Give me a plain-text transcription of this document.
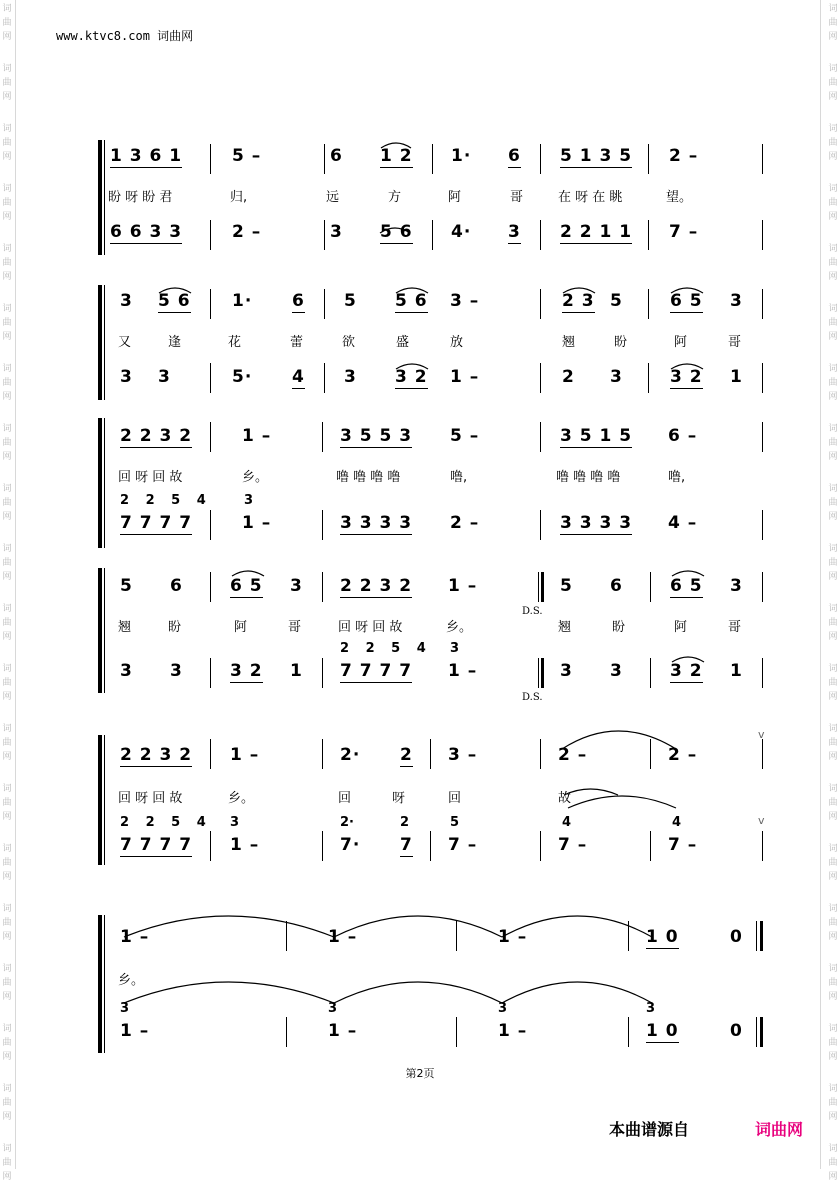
词
曲
网
词
曲
网
词
曲
网
词
曲
网
词
曲
网
词
曲
网
词
曲
网
词
曲
网
词
曲
网
词
曲
网
词
曲
网
词
曲
网
词
曲
网
词
曲
网
词
曲
网
词
曲
网
词
曲
网
词
曲
网
词
曲
网
词
曲
网
词
曲
网
词
曲
网
词
曲
网
词
曲
网
词
曲
网
词
曲
网
词
曲
网
词
曲
网
词
曲
网
词
曲
网
词
曲
网
词
曲
网
词
曲
网
词
曲
网
词
曲
网
词
曲
网
词
曲
网
词
曲
网
词
曲
网
词
曲
网
www.ktvc8.com 词曲网
1 3 6 1	5 –	6 1 2 1· 6 5 1 3 5 2 –
盼 呀 盼 君	归,	远	方	阿	哥	在 呀 在 眺	望。
6 6 3 3	2 –	3 5 6 4· 3 2 2 1 1 7 –
3 5 6 1· 6 5 5 6 3 –	2 3 5	6 5 3
又	逢	花	蕾	欲	盛	放	翘	盼	阿	哥
3 3	5· 4 3 3 2 1 –	2 3	3 2 1
2 2 3 2	1 –	3 5 5 3 5 –	3 5 1 5 6 –
回 呀 回 故	乡。	噜 噜 噜 噜	噜,	噜 噜 噜 噜	噜,
2 2 5 4 3
7 7 7 7	1 –	3 3 3 3 2 –	3 3 3 3 4 –
5 6	6 5 3 2 2 3 2 1 –	5 6	6 5 3
翘	盼	阿	哥	回 呀 回 故	乡。	翘	盼	阿	哥
D.S.
2 2 5 4 3
3 3	3 2 1 7 7 7 7 1 –	3 3	3 2 1
D.S.
2 2 3 2 1 –	2· 2 3 –	2 –	2 –
回 呀 回 故	乡。	回	呀	回	故
2 2 5 4 3	2·	2	5	4	4
7 7 7 7 1 –	7· 7 7 –	7 –	7 –
v
v
1 –	1 –	1 –	1 0	0
乡。
3	3	3	3
1 –	1 –	1 –	1 0	0
第2页
本曲谱源自	词曲网
